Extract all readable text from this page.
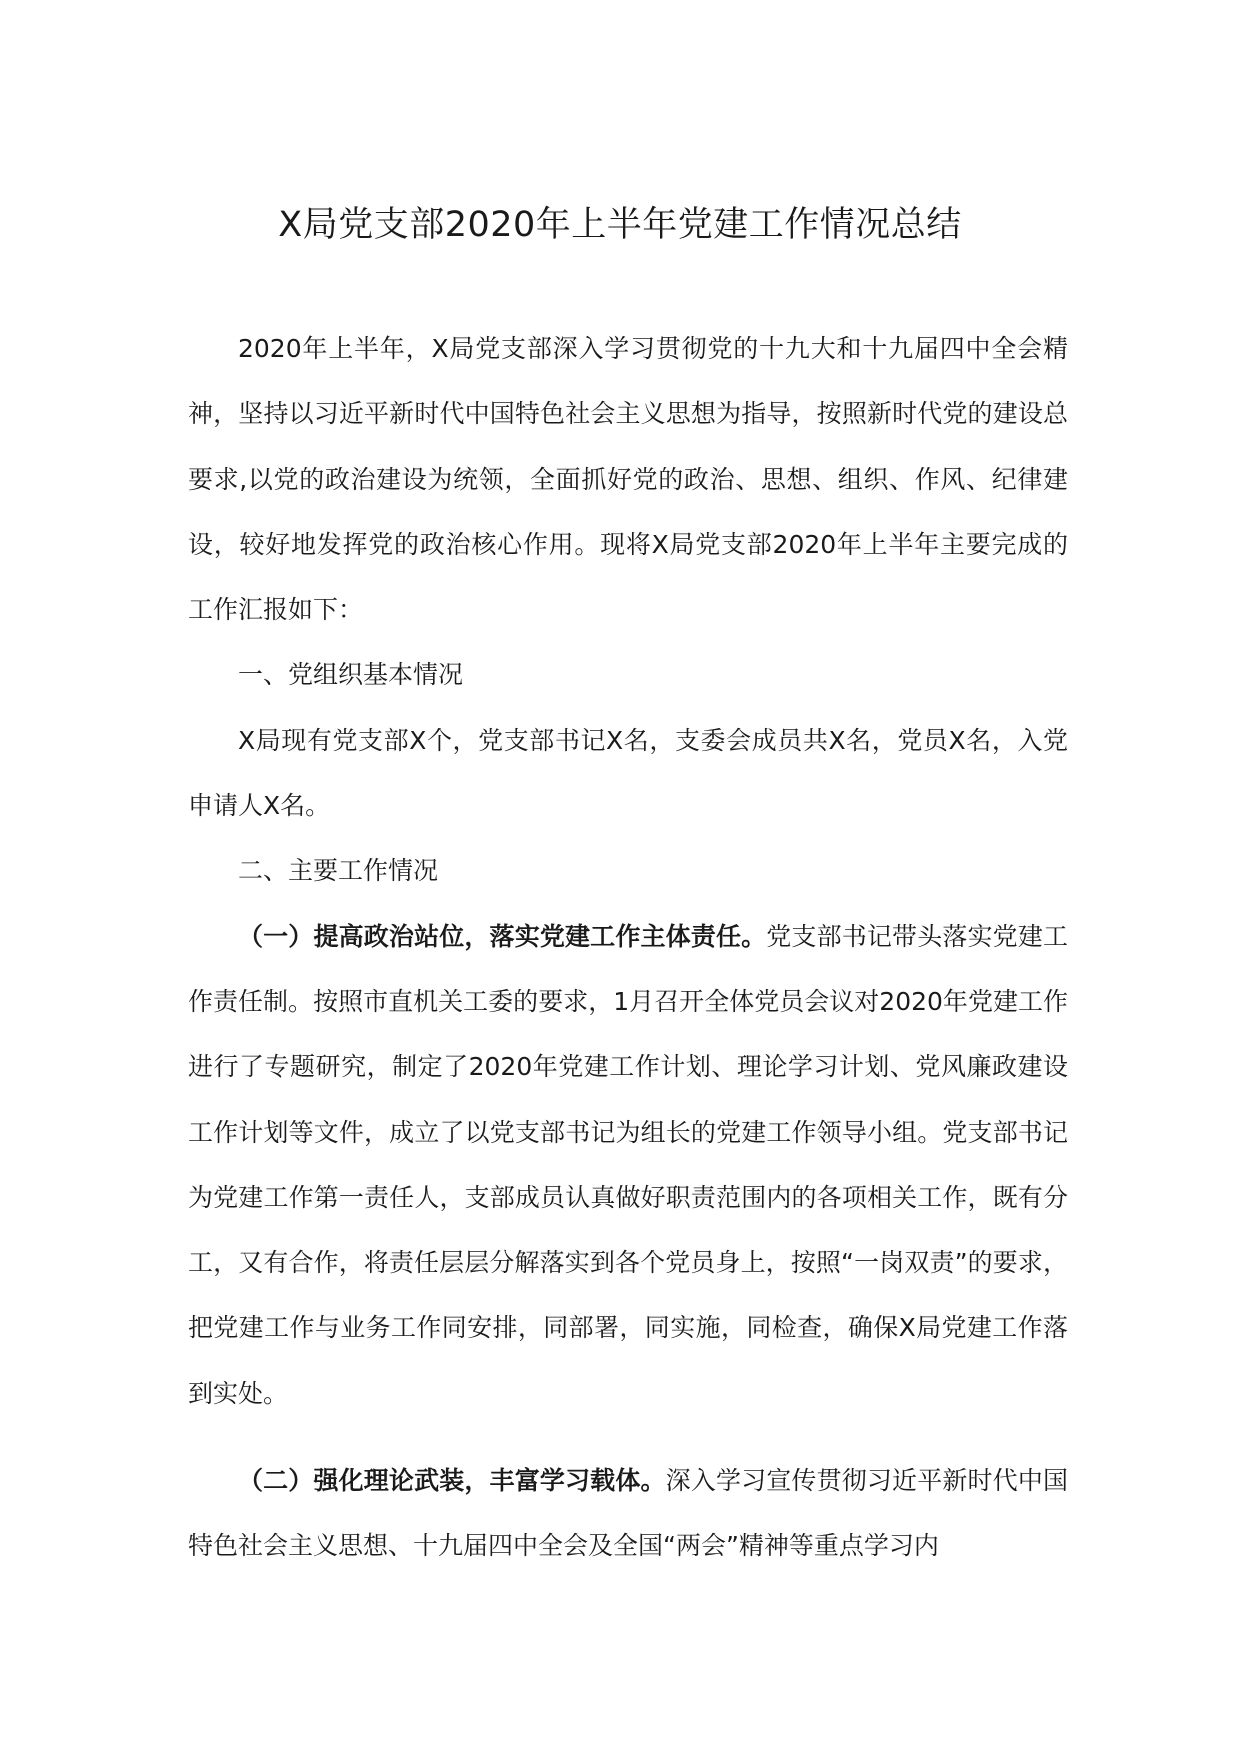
X局党支部2020年上半年党建工作情况总结

2020年上半年，X局党支部深入学习贯彻党的十九大和十九届四中全会精神，坚持以习近平新时代中国特色社会主义思想为指导，按照新时代党的建设总要求,以党的政治建设为统领，全面抓好党的政治、思想、组织、作风、纪律建设，较好地发挥党的政治核心作用。现将X局党支部2020年上半年主要完成的工作汇报如下：

一、党组织基本情况

X局现有党支部X个，党支部书记X名，支委会成员共X名，党员X名，入党申请人X名。

二、主要工作情况

（一）提高政治站位，落实党建工作主体责任。党支部书记带头落实党建工作责任制。按照市直机关工委的要求，1月召开全体党员会议对2020年党建工作进行了专题研究，制定了2020年党建工作计划、理论学习计划、党风廉政建设工作计划等文件，成立了以党支部书记为组长的党建工作领导小组。党支部书记为党建工作第一责任人，支部成员认真做好职责范围内的各项相关工作，既有分工，又有合作，将责任层层分解落实到各个党员身上，按照“一岗双责”的要求，把党建工作与业务工作同安排，同部署，同实施，同检查，确保X局党建工作落到实处。

（二）强化理论武装，丰富学习载体。深入学习宣传贯彻习近平新时代中国特色社会主义思想、十九届四中全会及全国“两会”精神等重点学习内
